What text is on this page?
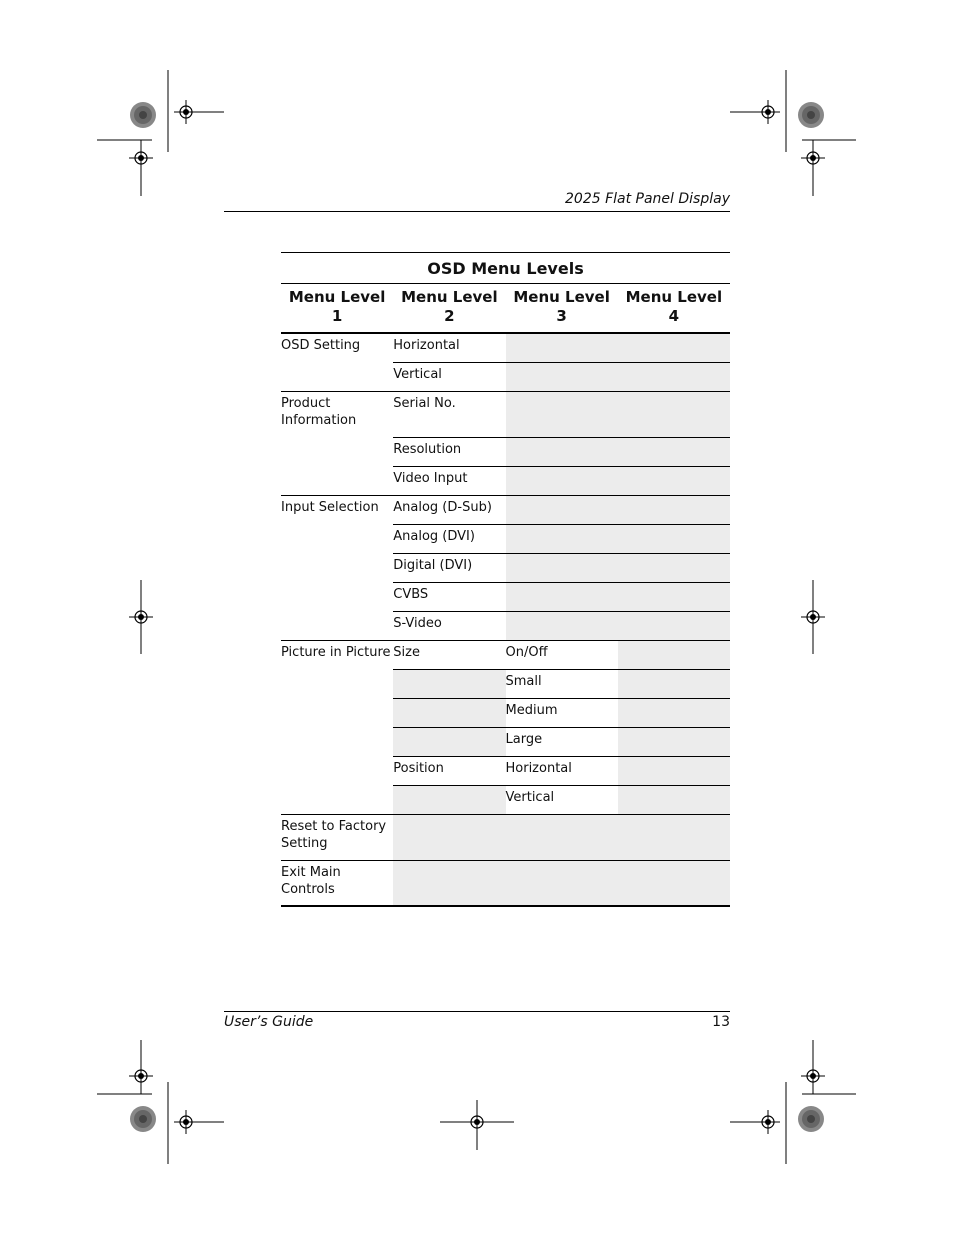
2025 Flat Panel Display
OSD Menu Levels			
Menu Level 1	Menu Level 2	Menu Level 3	Menu Level 4
OSD Setting	Horizontal		
	Vertical		
Product Information	Serial No.		
	Resolution		
	Video Input		
Input Selection	Analog (D-Sub)		
	Analog (DVI)		
	Digital (DVI)		
	CVBS		
	S-Video		
Picture in Picture	Size	On/Off	
		Small	
		Medium	
		Large	
	Position	Horizontal	
		Vertical	
Reset to Factory Setting			
Exit Main Controls			
User’s Guide	13
